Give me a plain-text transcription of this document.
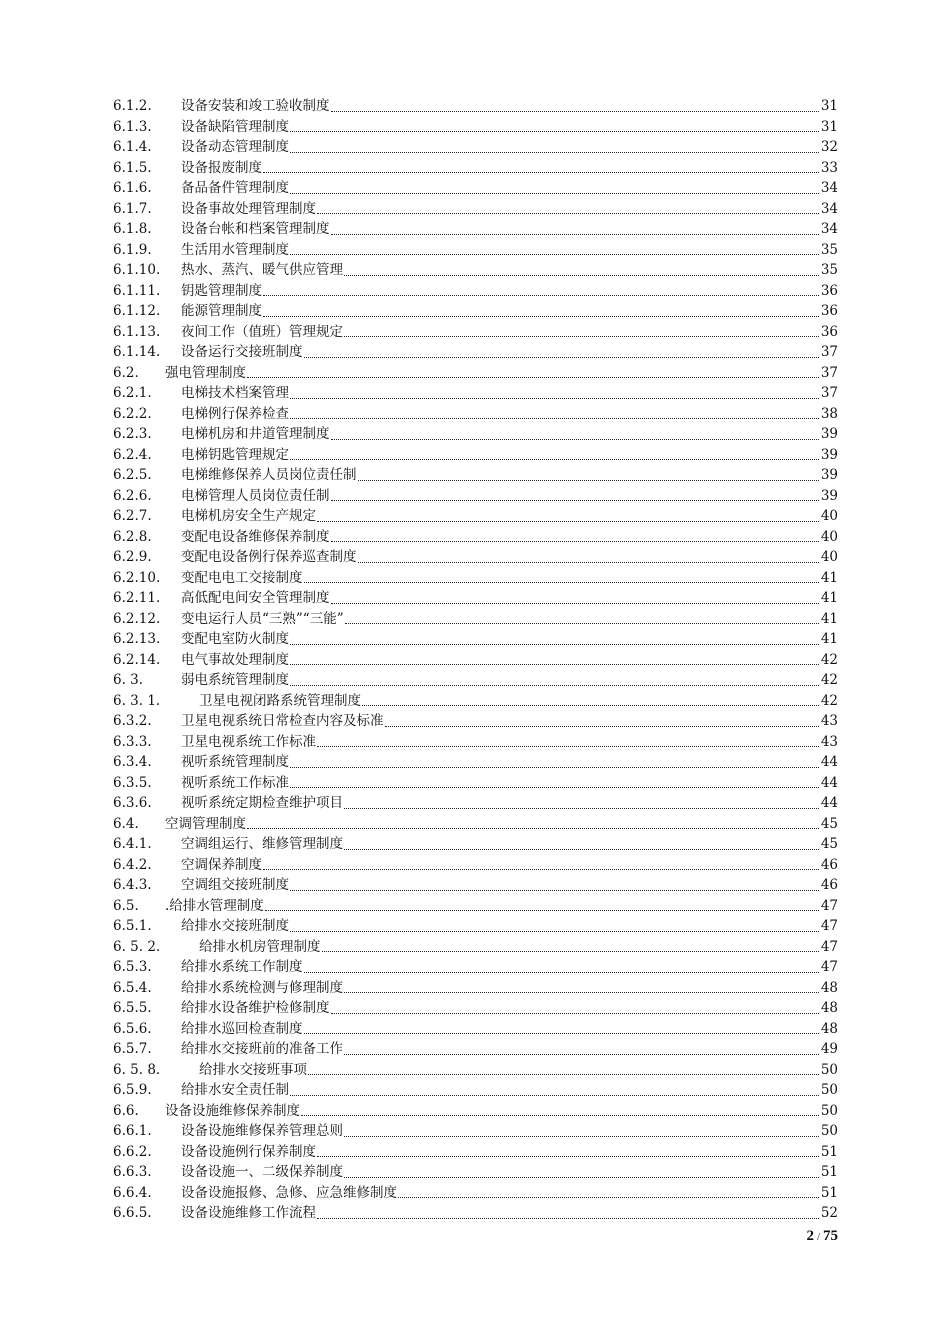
6.1.2.	设备安装和竣工验收制度	31
6.1.3.	设备缺陷管理制度	31
6.1.4.	设备动态管理制度	32
6.1.5.	设备报废制度	33
6.1.6.	备品备件管理制度	34
6.1.7.	设备事故处理管理制度	34
6.1.8.	设备台帐和档案管理制度	34
6.1.9.	生活用水管理制度	35
6.1.10.	热水、蒸汽、暖气供应管理	35
6.1.11.	钥匙管理制度	36
6.1.12.	能源管理制度	36
6.1.13.	夜间工作（值班）管理规定	36
6.1.14.	设备运行交接班制度	37
6.2.	强电管理制度	37
6.2.1.	电梯技术档案管理	37
6.2.2.	电梯例行保养检查	38
6.2.3.	电梯机房和井道管理制度	39
6.2.4.	电梯钥匙管理规定	39
6.2.5.	电梯维修保养人员岗位责任制	39
6.2.6.	电梯管理人员岗位责任制	39
6.2.7.	电梯机房安全生产规定	40
6.2.8.	变配电设备维修保养制度	40
6.2.9.	变配电设备例行保养巡查制度	40
6.2.10.	变配电电工交接制度	41
6.2.11.	高低配电间安全管理制度	41
6.2.12.	变电运行人员“三熟”“三能”	41
6.2.13.	变配电室防火制度	41
6.2.14.	电气事故处理制度	42
6. 3.	弱电系统管理制度	42
6. 3. 1.	卫星电视闭路系统管理制度	42
6.3.2.	卫星电视系统日常检查内容及标准	43
6.3.3.	卫星电视系统工作标准	43
6.3.4.	视听系统管理制度	44
6.3.5.	视听系统工作标准	44
6.3.6.	视听系统定期检查维护项目	44
6.4.	空调管理制度	45
6.4.1.	空调组运行、维修管理制度	45
6.4.2.	空调保养制度	46
6.4.3.	空调组交接班制度	46
6.5.	.给排水管理制度	47
6.5.1.	给排水交接班制度	47
6. 5. 2.	给排水机房管理制度	47
6.5.3.	给排水系统工作制度	47
6.5.4.	给排水系统检测与修理制度	48
6.5.5.	给排水设备维护检修制度	48
6.5.6.	给排水巡回检查制度	48
6.5.7.	给排水交接班前的准备工作	49
6. 5. 8.	给排水交接班事项	50
6.5.9.	给排水安全责任制	50
6.6.	设备设施维修保养制度	50
6.6.1.	设备设施维修保养管理总则	50
6.6.2.	设备设施例行保养制度	51
6.6.3.	设备设施一、二级保养制度	51
6.6.4.	设备设施报修、急修、应急维修制度	51
6.6.5.	设备设施维修工作流程	52
2 / 75
